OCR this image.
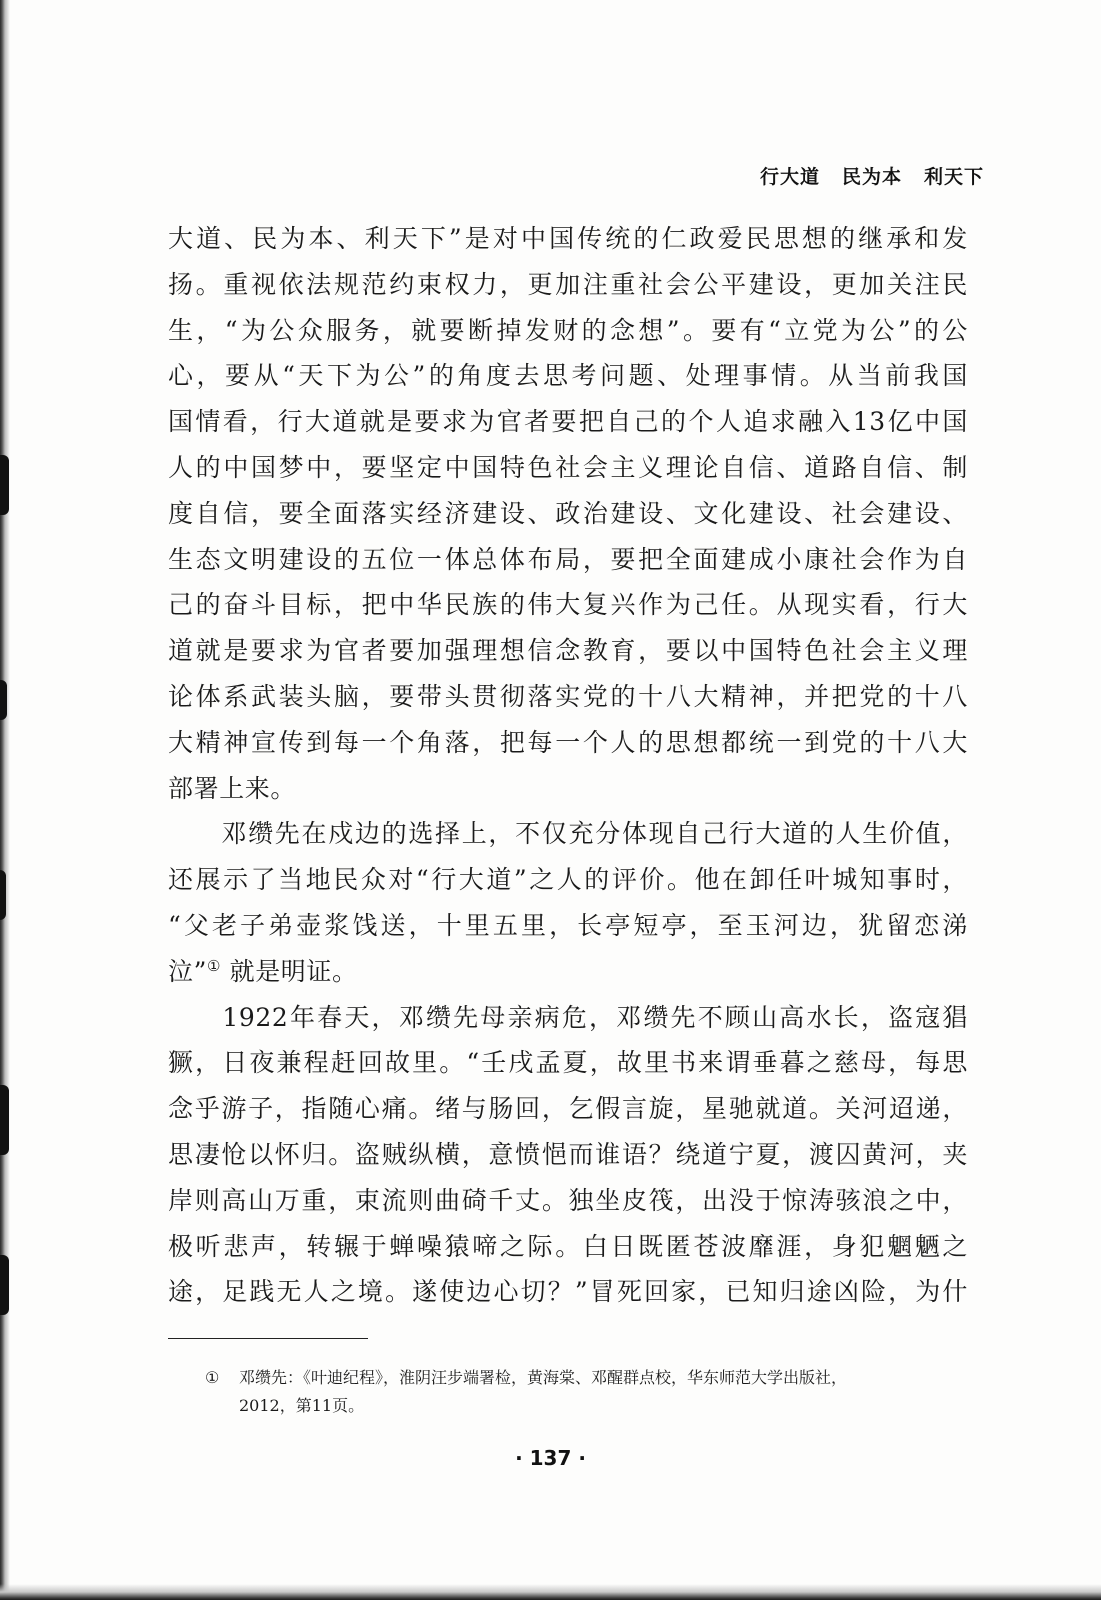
行大道 民为本 利天下
大道、民为本、利天下”是对中国传统的仁政爱民思想的继承和发
扬。重视依法规范约束权力，更加注重社会公平建设，更加关注民
生，“为公众服务，就要断掉发财的念想”。要有“立党为公”的公
心，要从“天下为公”的角度去思考问题、处理事情。从当前我国
国情看，行大道就是要求为官者要把自己的个人追求融入13亿中国
人的中国梦中，要坚定中国特色社会主义理论自信、道路自信、制
度自信，要全面落实经济建设、政治建设、文化建设、社会建设、
生态文明建设的五位一体总体布局，要把全面建成小康社会作为自
己的奋斗目标，把中华民族的伟大复兴作为己任。从现实看，行大
道就是要求为官者要加强理想信念教育，要以中国特色社会主义理
论体系武装头脑，要带头贯彻落实党的十八大精神，并把党的十八
大精神宣传到每一个角落，把每一个人的思想都统一到党的十八大
部署上来。
　　邓缵先在戍边的选择上，不仅充分体现自己行大道的人生价值，
还展示了当地民众对“行大道”之人的评价。他在卸任叶城知事时，
“父老子弟壶浆饯送，十里五里，长亭短亭，至玉河边，犹留恋涕
泣”① 就是明证。
　　1922年春天，邓缵先母亲病危，邓缵先不顾山高水长，盗寇猖
獗，日夜兼程赶回故里。“壬戌孟夏，故里书来谓垂暮之慈母，每思
念乎游子，指随心痛。绪与肠回，乞假言旋，星驰就道。关河迢递，
思凄怆以怀归。盗贼纵横，意愤悒而谁语？绕道宁夏，渡囚黄河，夹
岸则高山万重，束流则曲碕千丈。独坐皮筏，出没于惊涛骇浪之中，
极听悲声，转辗于蝉噪猿啼之际。白日既匿苍波靡涯，身犯魍魉之
途，足践无人之境。遂使边心切？”冒死回家，已知归途凶险，为什
① 邓缵先：《叶迪纪程》，淮阴汪步端署检，黄海棠、邓醒群点校，华东师范大学出版社，
2012，第11页。
· 137 ·
